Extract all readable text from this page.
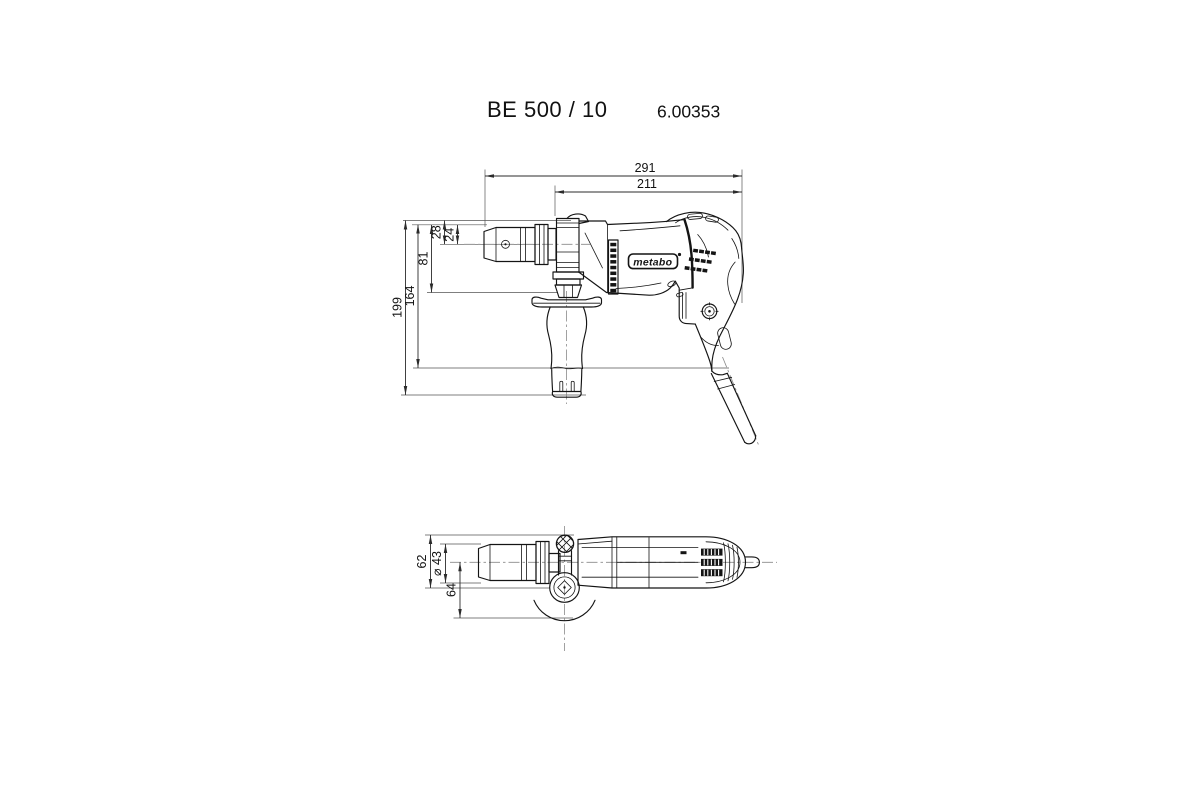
BE 500 / 10	6.00353
291
211
199
164
81
28 24
metabo
62 ⌀ 43
64
